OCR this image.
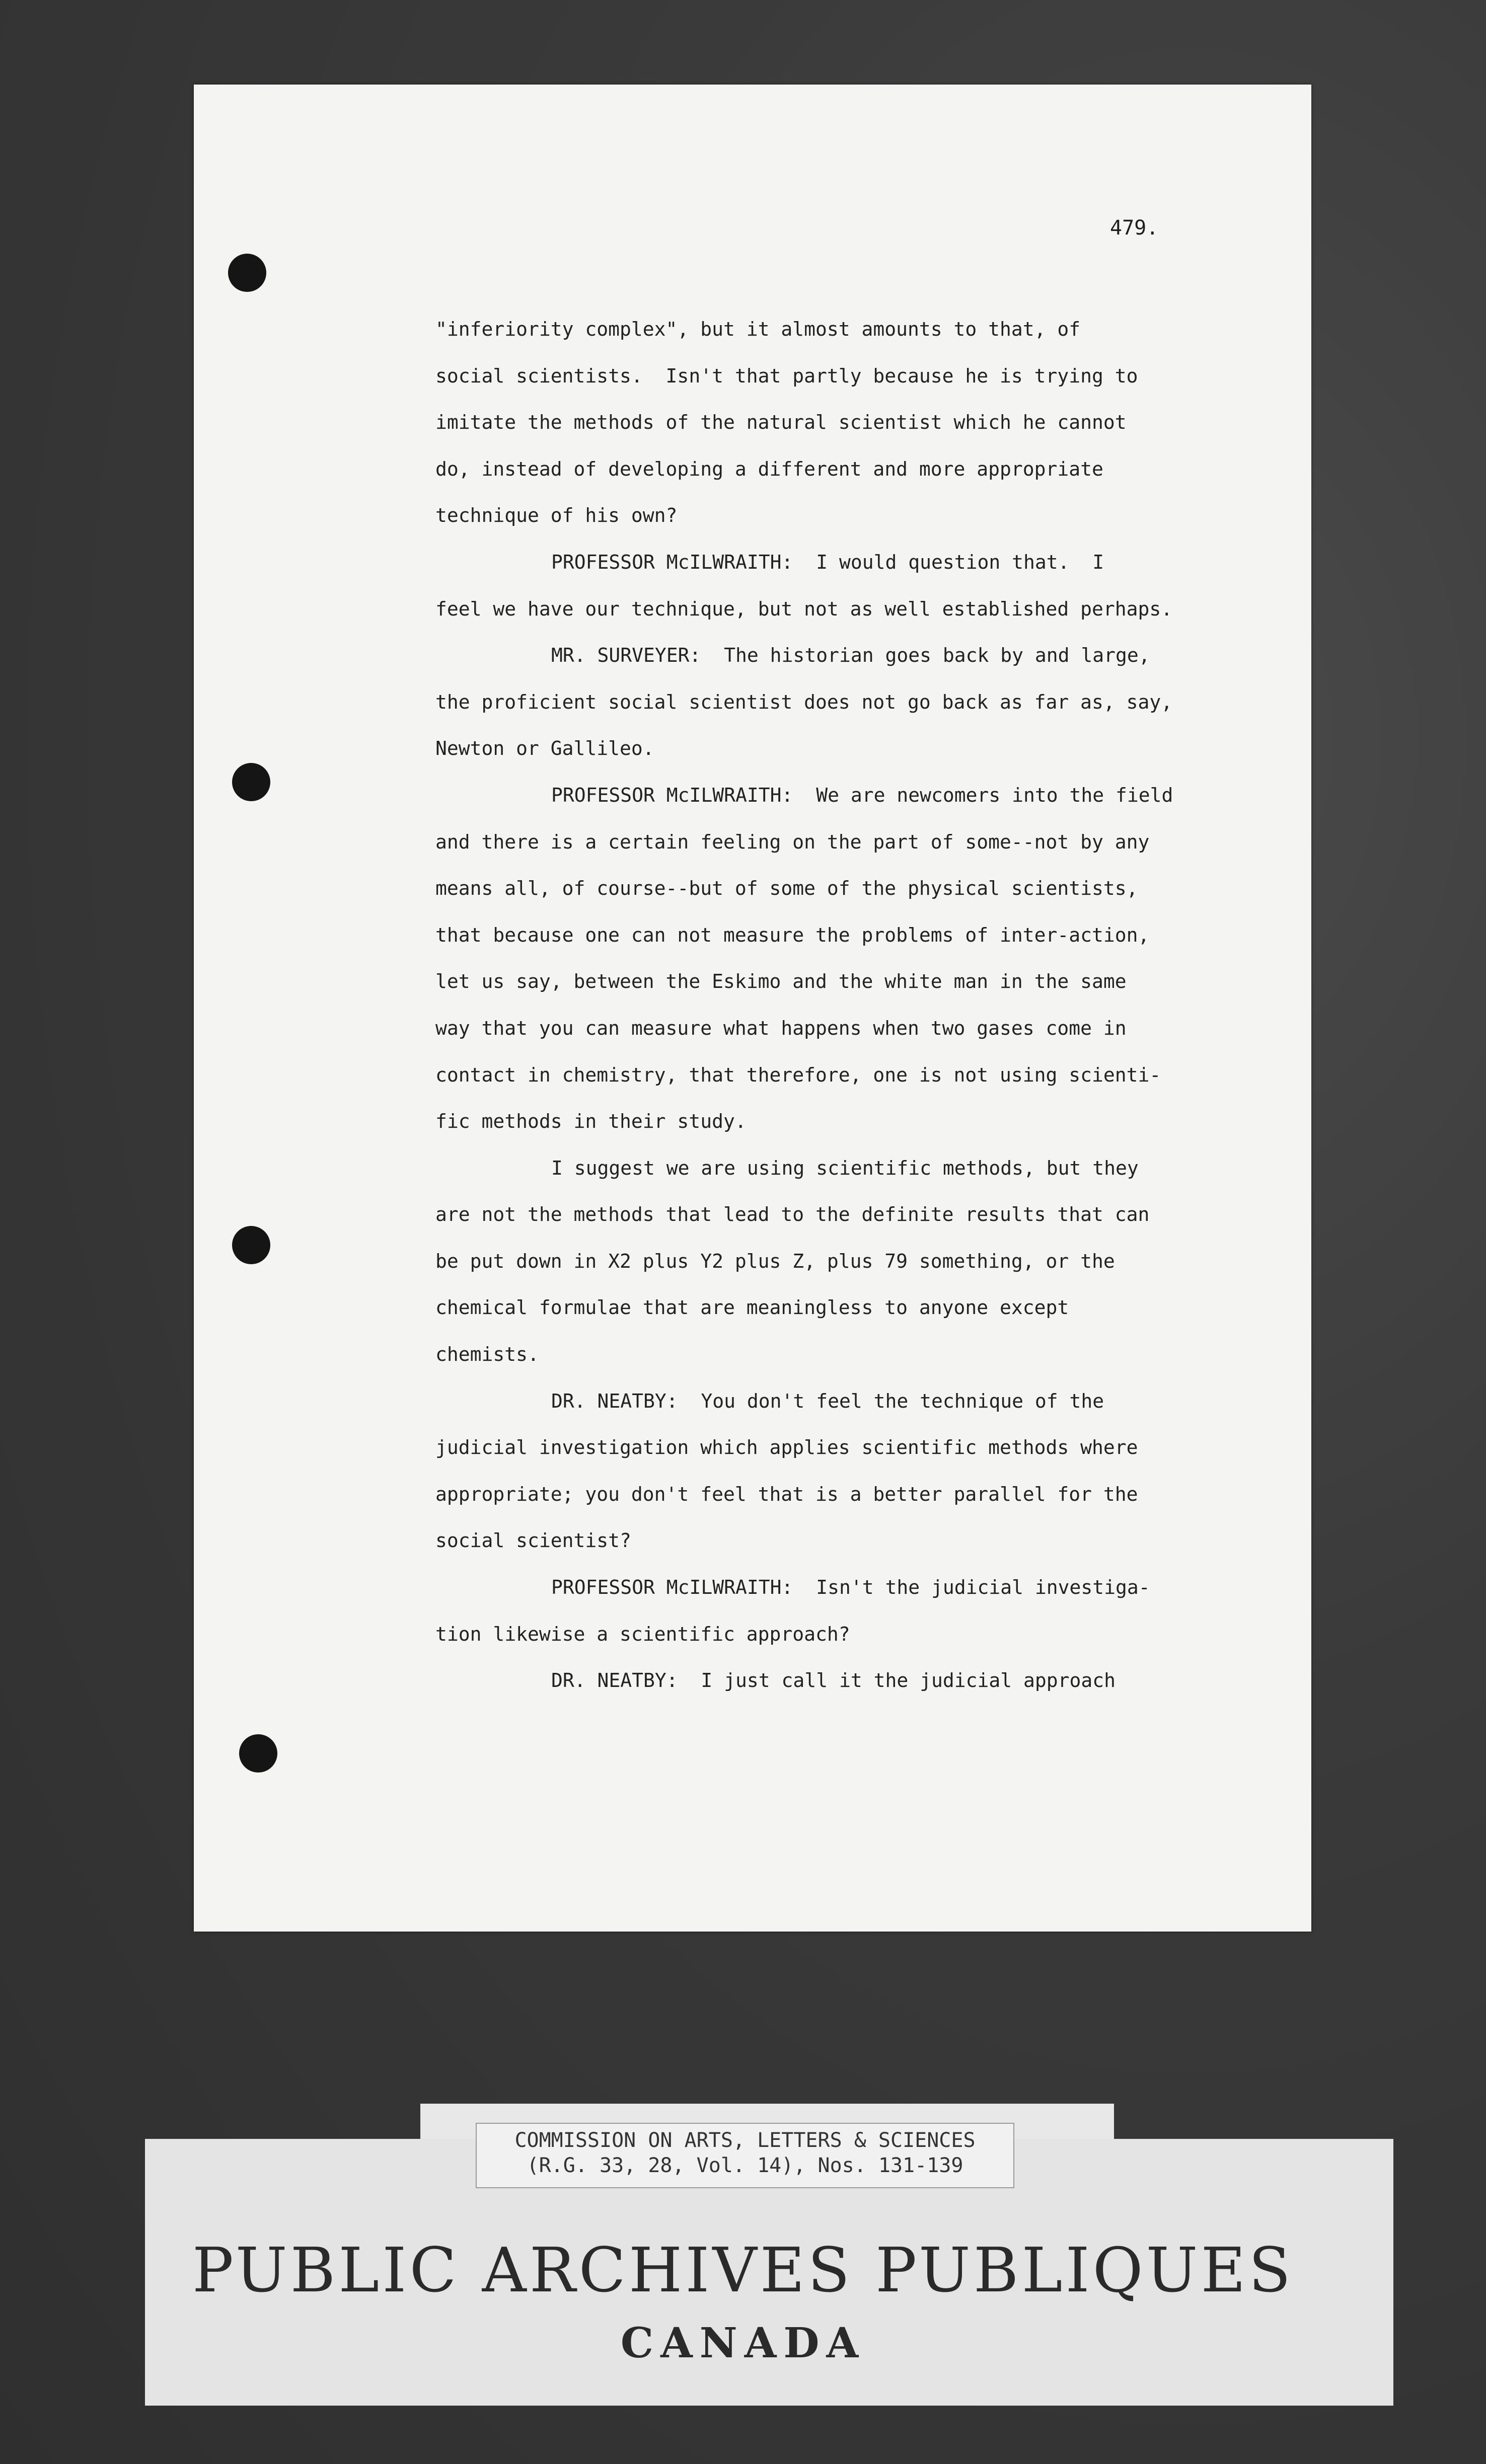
479.

"inferiority complex", but it almost amounts to that, of

social scientists.  Isn't that partly because he is trying to

imitate the methods of the natural scientist which he cannot

do, instead of developing a different and more appropriate

technique of his own?

PROFESSOR McILWRAITH:  I would question that.  I

feel we have our technique, but not as well established perhaps.

MR. SURVEYER:  The historian goes back by and large,

the proficient social scientist does not go back as far as, say,

Newton or Gallileo.

PROFESSOR McILWRAITH:  We are newcomers into the field

and there is a certain feeling on the part of some--not by any

means all, of course--but of some of the physical scientists,

that because one can not measure the problems of inter-action,

let us say, between the Eskimo and the white man in the same

way that you can measure what happens when two gases come in

contact in chemistry, that therefore, one is not using scienti-

fic methods in their study.

I suggest we are using scientific methods, but they

are not the methods that lead to the definite results that can

be put down in X2 plus Y2 plus Z, plus 79 something, or the

chemical formulae that are meaningless to anyone except

chemists.

DR. NEATBY:  You don't feel the technique of the

judicial investigation which applies scientific methods where

appropriate; you don't feel that is a better parallel for the

social scientist?

PROFESSOR McILWRAITH:  Isn't the judicial investiga-

tion likewise a scientific approach?

DR. NEATBY:  I just call it the judicial approach

COMMISSION ON ARTS, LETTERS & SCIENCES

(R.G. 33, 28, Vol. 14), Nos. 131-139

PUBLIC ARCHIVES PUBLIQUES

CANADA
